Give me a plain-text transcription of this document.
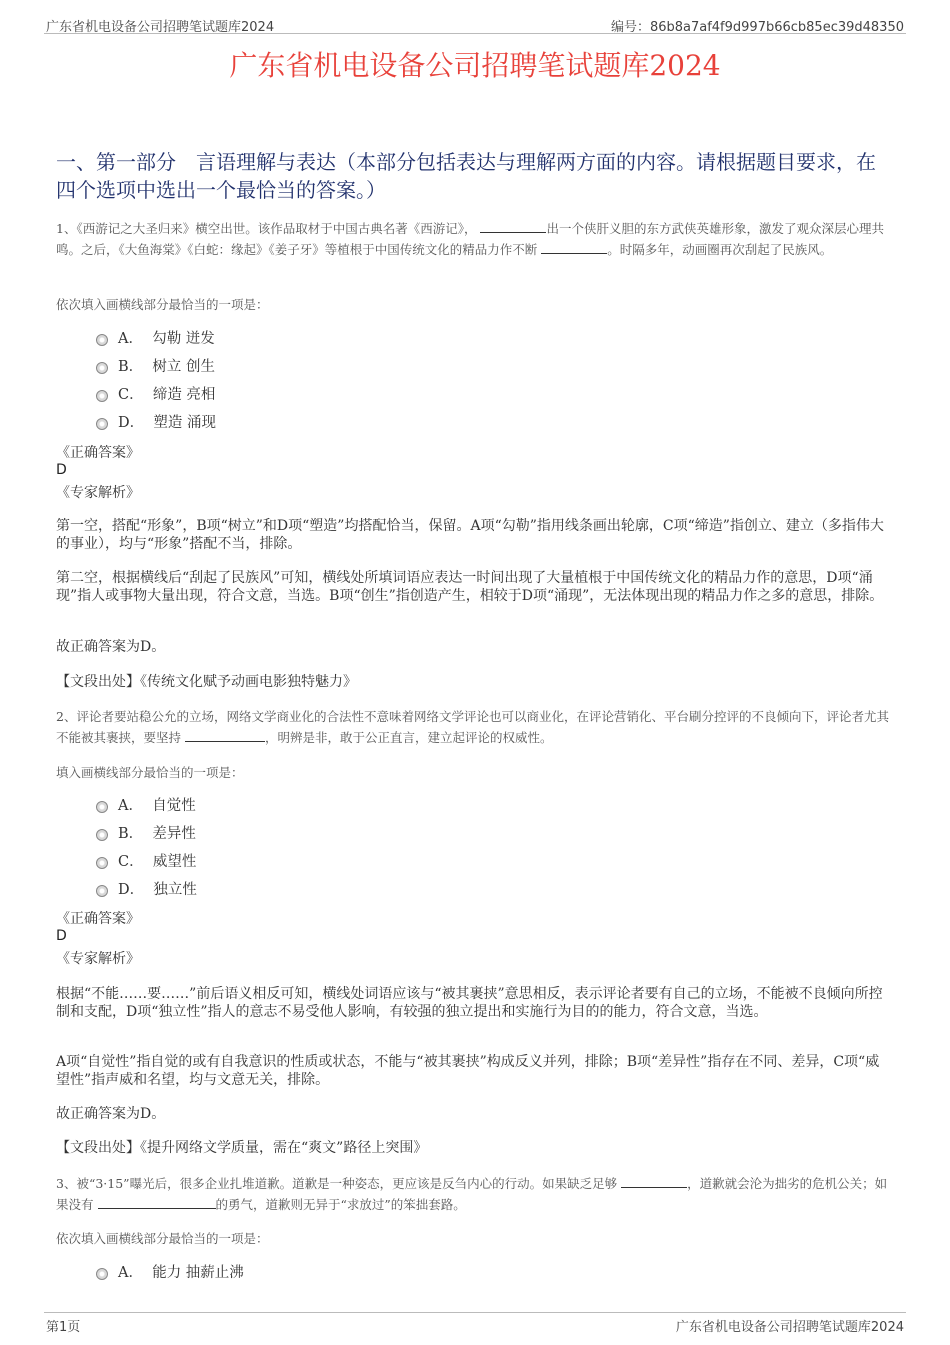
广东省机电设备公司招聘笔试题库2024	编号：86b8a7af4f9d997b66cb85ec39d48350
广东省机电设备公司招聘笔试题库2024
一、第一部分　言语理解与表达（本部分包括表达与理解两方面的内容。请根据题目要求，在四个选项中选出一个最恰当的答案。）
1、《西游记之大圣归来》横空出世。该作品取材于中国古典名著《西游记》，	出一个侠肝义胆的东方武侠英雄形象，激发了观众深层心理共鸣。之后，《大鱼海棠》《白蛇：缘起》《姜子牙》等植根于中国传统文化的精品力作不断	。时隔多年，动画圈再次刮起了民族风。
依次填入画横线部分最恰当的一项是：
A． 勾勒 迸发
B． 树立 创生
C． 缔造 亮相
D． 塑造 涌现
《正确答案》
D
《专家解析》
第一空，搭配“形象”，B项“树立”和D项“塑造”均搭配恰当，保留。A项“勾勒”指用线条画出轮廓，C项“缔造”指创立、建立（多指伟大的事业），均与“形象”搭配不当，排除。
第二空，根据横线后“刮起了民族风”可知，横线处所填词语应表达一时间出现了大量植根于中国传统文化的精品力作的意思，D项“涌现”指人或事物大量出现，符合文意，当选。B项“创生”指创造产生，相较于D项“涌现”，无法体现出现的精品力作之多的意思，排除。
故正确答案为D。
【文段出处】《传统文化赋予动画电影独特魅力》
2、评论者要站稳公允的立场，网络文学商业化的合法性不意味着网络文学评论也可以商业化，在评论营销化、平台刷分控评的不良倾向下，评论者尤其不能被其裹挟，要坚持	，明辨是非，敢于公正直言，建立起评论的权威性。
填入画横线部分最恰当的一项是：
A． 自觉性
B． 差异性
C． 威望性
D． 独立性
《正确答案》
D
《专家解析》
根据“不能……要……”前后语义相反可知，横线处词语应该与“被其裹挟”意思相反，表示评论者要有自己的立场，不能被不良倾向所控制和支配，D项“独立性”指人的意志不易受他人影响，有较强的独立提出和实施行为目的的能力，符合文意，当选。
A项“自觉性”指自觉的或有自我意识的性质或状态，不能与“被其裹挟”构成反义并列，排除；B项“差异性”指存在不同、差异，C项“威望性”指声威和名望，均与文意无关，排除。
故正确答案为D。
【文段出处】《提升网络文学质量，需在“爽文”路径上突围》
3、被“3·15”曝光后，很多企业扎堆道歉。道歉是一种姿态，更应该是反刍内心的行动。如果缺乏足够	，道歉就会沦为拙劣的危机公关；如果没有	的勇气，道歉则无异于“求放过”的笨拙套路。
依次填入画横线部分最恰当的一项是：
A． 能力 抽薪止沸
第1页	广东省机电设备公司招聘笔试题库2024
